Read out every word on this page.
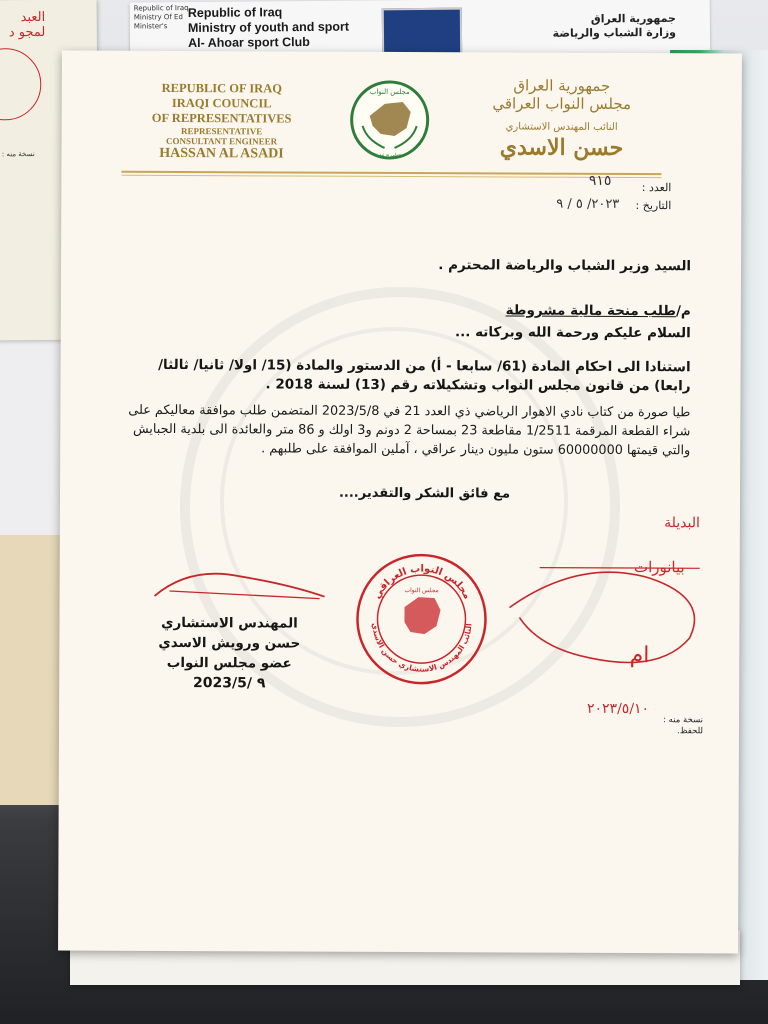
العبد
لمجو د
نسخة منه :
Republic of Iraq
Ministry Of Ed
Minister's
Republic of Iraq
Ministry of youth and sport
Al- Ahoar sport Club
جمهورية العراق
وزارة الشباب والرياضة
REPUBLIC OF IRAQ
IRAQI COUNCIL
OF REPRESENTATIVES
REPRESENTATIVE
CONSULTANT ENGINEER
HASSAN AL ASADI
مجلس النواب
نه جولي نه تيه تنه
جمهورية العراق
مجلس النواب العراقي
النائب المهندس الاستشاري
حسن الاسدي
العدد :
٩١٥
التاريخ :
٢٠٢٣/ ٥ / ٩
السيد وزير الشباب والرياضة المحترم .
م/طلب منحة مالية مشروطة
السلام عليكم ورحمة الله وبركاته ...
استنادا الى احكام المادة (61/ سابعا - أ) من الدستور والمادة (15/ اولا/ ثانيا/ ثالثا/ رابعا) من قانون مجلس النواب وتشكيلاته رقم (13) لسنة 2018 .
طيا صورة من كتاب نادي الاهوار الرياضي ذي العدد 21 في 2023/5/8 المتضمن طلب موافقة معاليكم على شراء القطعة المرقمة 1/2511 مقاطعة 23 بمساحة 2 دونم و3 اولك و 86 متر والعائدة الى بلدية الجبايش والتي قيمتها 60000000 ستون مليون دينار عراقي ، آملين الموافقة على طلبهم .
مع فائق الشكر والتقدير....
البديلة
بيانورات
ام
٢٠٢٣/٥/١٠
نسخة منه :
للحفظ.
مجلس النواب العراقي
النائب المهندس الاستشاري حسن الاسدي
مجلس النواب
المهندس الاستشاري
حسن ورويش الاسدي
عضو مجلس النواب
2023/5/ ٩
